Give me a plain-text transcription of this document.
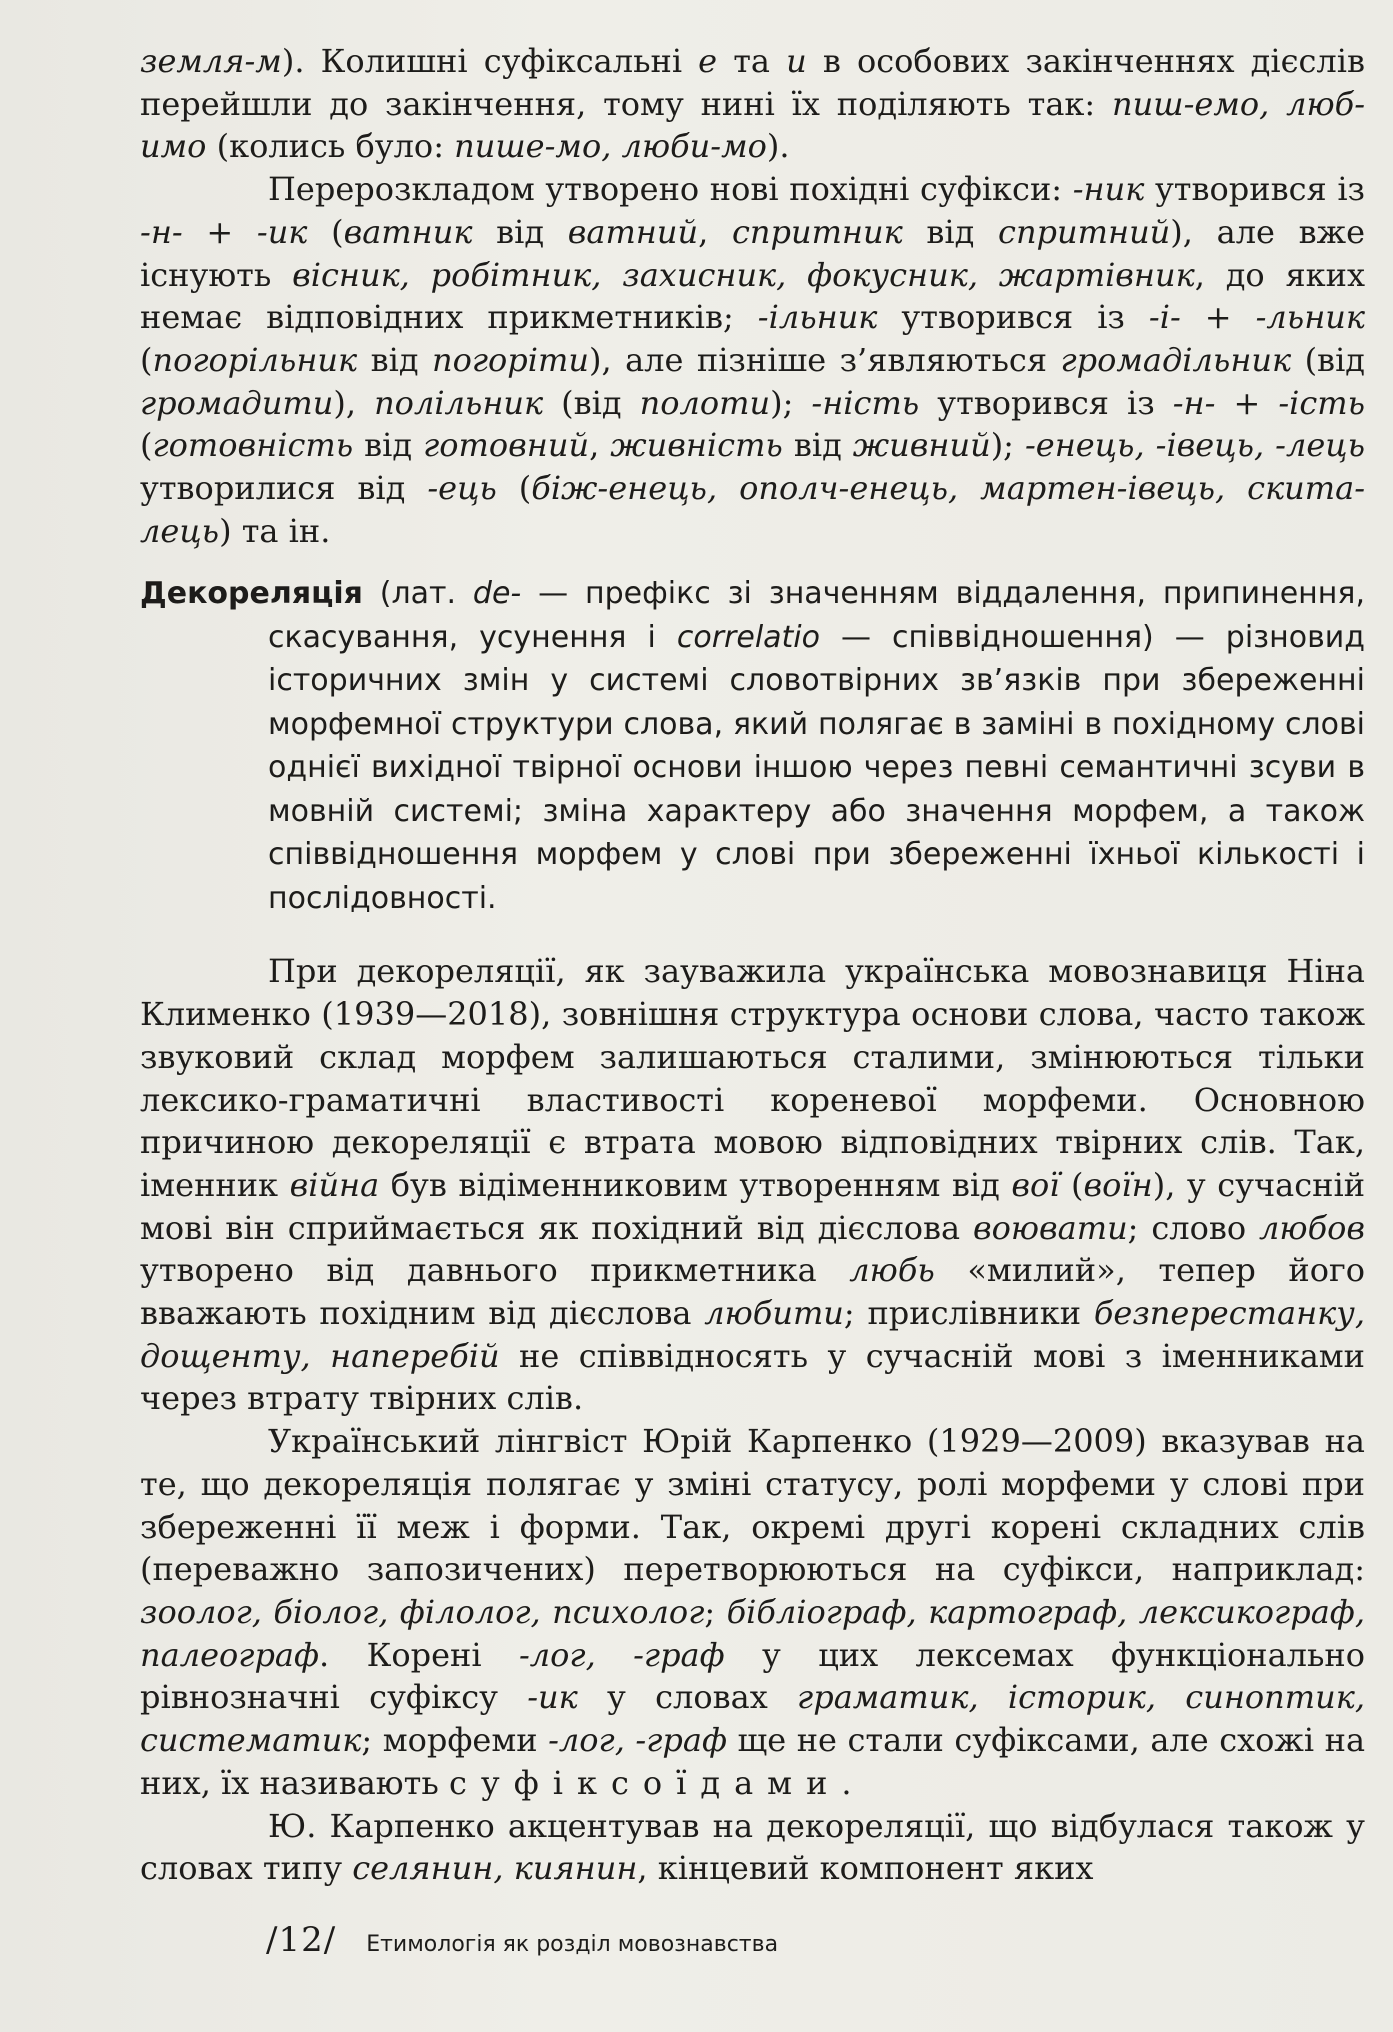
земля-м). Колишні суфіксальні е та и в особових закінченнях дієслів перейшли до закінчення, тому нині їх поділяють так: пиш-емо, люб-имо (колись було: пише-мо, люби-мо).

Перерозкладом утворено нові похідні суфікси: -ник утворився із -н- + -ик (ватник від ватний, спритник від спритний), але вже існують вісник, робітник, захисник, фокусник, жартівник, до яких немає відповідних прикметників; -ільник утворився із -і- + -льник (погорільник від погоріти), але пізніше з’являються громадільник (від громадити), полільник (від полоти); -ність утворився із -н- + -ість (готовність від готовний, живність від живний); -енець, -івець, -лець утворилися від -ець (біж-енець, ополч-енець, мартен-івець, скита-лець) та ін.

Декореляція (лат. de- — префікс зі значенням віддалення, припинення, скасування, усунення і correlatio — співвідношення) — різновид історичних змін у системі словотвірних зв’язків при збереженні морфемної структури слова, який полягає в заміні в похідному слові однієї вихідної твірної основи іншою через певні семантичні зсуви в мовній системі; зміна характеру або значення морфем, а також співвідношення морфем у слові при збереженні їхньої кількості і послідовності.

При декореляції, як зауважила українська мовознавиця Ніна Клименко (1939—2018), зовнішня структура основи слова, часто також звуковий склад морфем залишаються сталими, змінюються тільки лексико-граматичні властивості кореневої морфеми. Основною причиною декореляції є втрата мовою відповідних твірних слів. Так, іменник війна був відіменниковим утворенням від вої (воїн), у сучасній мові він сприймається як похідний від дієслова воювати; слово любов утворено від давнього прикметника любь «милий», тепер його вважають похідним від дієслова любити; прислівники безперестанку, дощенту, наперебій не співвідносять у сучасній мові з іменниками через втрату твірних слів.

Український лінгвіст Юрій Карпенко (1929—2009) вказував на те, що декореляція полягає у зміні статусу, ролі морфеми у слові при збереженні її меж і форми. Так, окремі другі корені складних слів (переважно запозичених) перетворюються на суфікси, наприклад: зоолог, біолог, філолог, психолог; бібліограф, картограф, лексикограф, палеограф. Корені -лог, -граф у цих лексемах функціонально рівнозначні суфіксу -ик у словах граматик, історик, синоптик, систематик; морфеми -лог, -граф ще не стали суфіксами, але схожі на них, їх називають суфіксоїдами.

Ю. Карпенко акцентував на декореляції, що відбулася також у словах типу селянин, киянин, кінцевий компонент яких

/12/ Етимологія як розділ мовознавства
